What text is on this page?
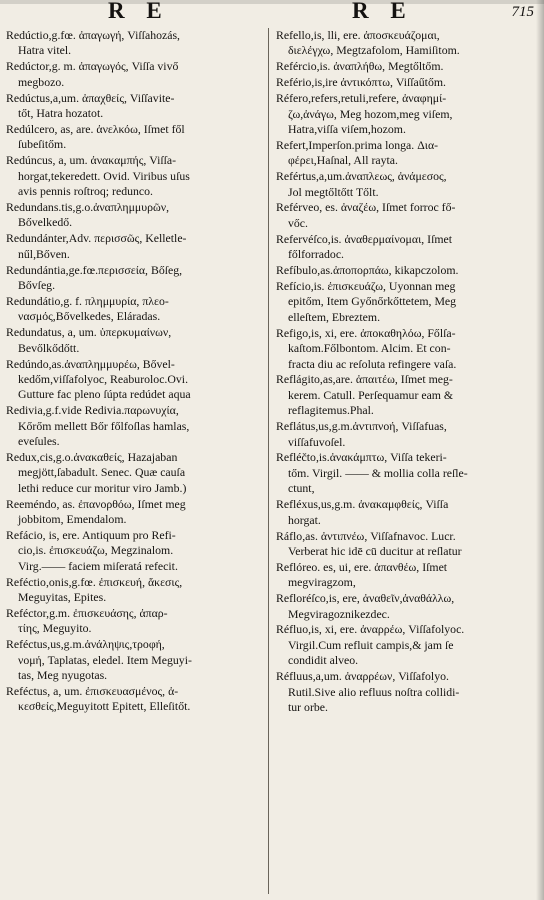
R E	R E	715
Redúctio,g.fœ. ἀπαγωγή, Viſſahozás,
Hatra vitel.
Redúctor,g. m. ἀπαγωγός, Viſſa vivő
megbozo.
Redúctus,a,um. ἀπαχθείς, Viſſavite-
tőt, Hatra hozatot.
Redúlcero, as, are. ἀνελκόω, Iſmet fől
ſubeſitőm.
Redúncus, a, um. ἀνακαμπής, Viſſa-
horgat,tekeredett. Ovid. Viribus uſus
avis pennis roſtroq; redunco.
Redundans.tis,g.o.ἀναπλημμυρῶν,
Bővelkedő.
Redundánter,Adv. περισσῶς, Kelletle-
nűl,Bőven.
Redundántia,ge.fœ.περισσεία, Bőſeg,
Bővſeg.
Redundátio,g. f. πλημμυρία, πλεο-
νασμός,Bővelkedes, Eláradas.
Redundatus, a, um. ὑπερκυμαίνων,
Bevőlkődőtt.
Redúndo,as.ἀναπλημμυρέω, Bővel-
kedőm,viſſafolyoc, Reaburoloc.Ovi.
Gutture fac pleno ſúpta redúdet aqua
Redivia,g.f.vide Redivia.παρωνυχία,
Kőrőm mellett Bőr főlfoſlas hamlas,
eveſules.
Redux,cis,g.o.ἀνακαθείς, Hazajaban
megjött,ſabadult. Senec. Quæ cauſa
lethi reduce cur moritur viro Jamb.)
Reeméndo, as. ἐπανορθόω, Iſmet meg
jobbitom, Emendalom.
Refácio, is, ere. Antiquum pro Refi-
cio,is. ἐπισκευάζω, Megzinalom.
Virg.—— faciem miſeratá refecit.
Reféctio,onis,g.fœ. ἐπισκευή, ἄκεσις,
Meguyitas, Epites.
Reféctor,g.m. ἐπισκευάσης, ἀπαρ-
τίης, Meguyito.
Reféctus,us,g.m.ἀνάληψις,τροφή,
νομή, Taplatas, eledel. Item Meguyi-
tas, Meg nyugotas.
Reféctus, a, um. ἐπισκευασμένος, ἀ-
κεσθείς,Meguyitott Epitett, Elleſitőt.
Refello,is, lli, ere. ἀποσκευάζομαι,
διελέγχω, Megtzafolom, Hamiſitom.
Refércio,is. ἀναπλήθω, Megtőltőm.
Refério,is,ire ἀντικόπτω, Viſſaűtőm.
Réfero,refers,retuli,refere, ἀναφημί-
ζω,ἀνάγω, Meg hozom,meg viſem,
Hatra,viſſa viſem,hozom.
Refert,Imperſon.prima longa. Δια-
φέρει,Haſnal, All rayta.
Refértus,a,um.ἀναπλεως, ἀνάμεσος,
Jol megtőltőtt Tőlt.
Reférveo, es. ἀναζέω, Iſmet forroc fő-
vőc.
Refervéſco,is. ἀναθερμαίνομαι, Iſmet
főlforradoc.
Refíbulo,as.ἀποπορπάω, kikapczolom.
Refício,is. ἐπισκευάζω, Uyonnan meg
epitőm, Item Győnőrkőttetem, Meg
elleſtem, Ebreztem.
Refigo,is, xi, ere. ἀποκαθηλόω, Főlſa-
kaſtom.Főlbontom. Alcim. Et con-
fracta diu ac reſoluta refingere vaſa.
Reflágito,as,are. ἀπαιτέω, Iſmet meg-
kerem. Catull. Perſequamur eam &
reflagitemus.Phal.
Reflátus,us,g.m.ἀντιπνοή, Viſſafuas,
viſſafuvoſel.
Refléčto,is.ἀνακάμπτω, Viſſa tekeri-
tőm. Virgil. —— & mollia colla reſle-
ctunt,
Refléxus,us,g.m. ἀνακαμφθείς, Viſſa
horgat.
Ráflo,as. ἀντιπνέω, Viſſafnavoc. Lucr.
Verberat hic idē cū ducitur at reſlatur
Reflóreo. es, ui, ere. ἀπανθέω, Iſmet
megviragzom,
Refloréſco,is, ere, ἀναθεῖν,ἀναθάλλω,
Megviragoznikezdec.
Réfluo,is, xi, ere. ἀναρρέω, Viſſafolyoc.
Virgil.Cum refluit campis,& jam ſe
condidit alveo.
Réfluus,a,um. ἀναρρέων, Viſſafolyo.
Rutil.Sive alio refluus noſtra collidi-
tur orbe.
